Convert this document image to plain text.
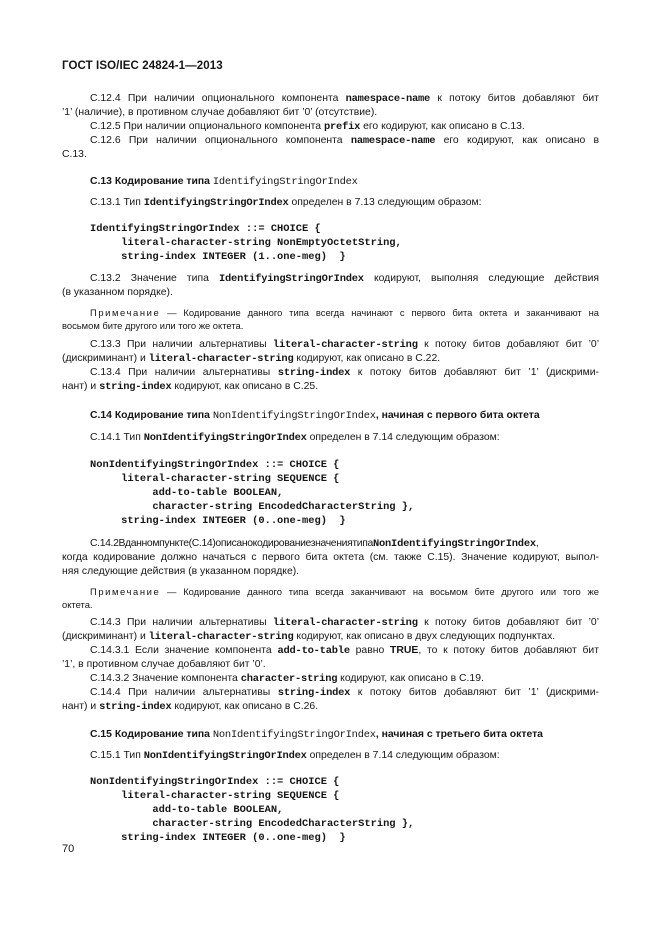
ГОСТ ISO/IEC 24824-1—2013
C.12.4 При наличии опционального компонента namespace-name к потоку битов добавляют бит
’1’ (наличие), в противном случае добавляют бит ’0’ (отсутствие).
C.12.5 При наличии опционального компонента prefix его кодируют, как описано в C.13.
C.12.6 При наличии опционального компонента namespace-name его кодируют, как описано в
C.13.
C.13 Кодирование типа IdentifyingStringOrIndex
C.13.1 Тип IdentifyingStringOrIndex определен в 7.13 следующим образом:
IdentifyingStringOrIndex ::= CHOICE {
literal-character-string NonEmptyOctetString,
string-index INTEGER (1..one-meg)  }
C.13.2 Значение типа IdentifyingStringOrIndex кодируют, выполняя следующие действия
(в указанном порядке).
Примечание — Кодирование данного типа всегда начинают с первого бита октета и заканчивают на
восьмом бите другого или того же октета.
C.13.3 При наличии альтернативы literal-character-string к потоку битов добавляют бит ’0’
(дискриминант) и literal-character-string кодируют, как описано в C.22.
C.13.4 При наличии альтернативы string-index к потоку битов добавляют бит ’1’ (дискрими-
нант) и string-index кодируют, как описано в C.25.
C.14 Кодирование типа NonIdentifyingStringOrIndex, начиная с первого бита октета
C.14.1 Тип NonIdentifyingStringOrIndex определен в 7.14 следующим образом:
NonIdentifyingStringOrIndex ::= CHOICE {
literal-character-string SEQUENCE {
add-to-table BOOLEAN,
character-string EncodedCharacterString },
string-index INTEGER (0..one-meg)  }
C.14.2Вданномпункте(C.14)описанокодированиезначениятипаNonIdentifyingStringOrIndex,
когда кодирование должно начаться с первого бита октета (см. также C.15). Значение кодируют, выпол-
няя следующие действия (в указанном порядке).
Примечание — Кодирование данного типа всегда заканчивают на восьмом бите другого или того же
октета.
C.14.3 При наличии альтернативы literal-character-string к потоку битов добавляют бит ’0’
(дискриминант) и literal-character-string кодируют, как описано в двух следующих подпунктах.
C.14.3.1 Если значение компонента add-to-table равно TRUE, то к потоку битов добавляют бит
’1’, в противном случае добавляют бит ’0’.
C.14.3.2 Значение компонента character-string кодируют, как описано в C.19.
C.14.4 При наличии альтернативы string-index к потоку битов добавляют бит ’1’ (дискрими-
нант) и string-index кодируют, как описано в C.26.
C.15 Кодирование типа NonIdentifyingStringOrIndex, начиная с третьего бита октета
C.15.1 Тип NonIdentifyingStringOrIndex определен в 7.14 следующим образом:
NonIdentifyingStringOrIndex ::= CHOICE {
literal-character-string SEQUENCE {
add-to-table BOOLEAN,
character-string EncodedCharacterString },
string-index INTEGER (0..one-meg)  }
70
